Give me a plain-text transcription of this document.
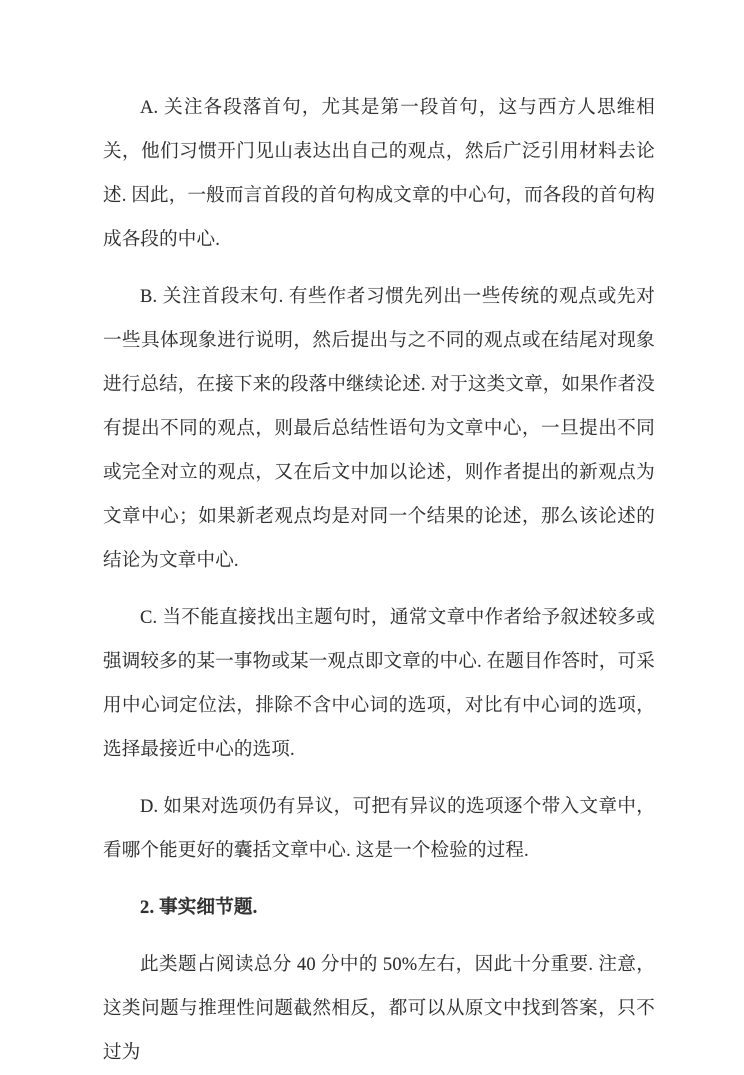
A. 关注各段落首句，尤其是第一段首句，这与西方人思维相关，他们习惯开门见山表达出自己的观点，然后广泛引用材料去论述. 因此，一般而言首段的首句构成文章的中心句，而各段的首句构成各段的中心.

B. 关注首段末句. 有些作者习惯先列出一些传统的观点或先对一些具体现象进行说明，然后提出与之不同的观点或在结尾对现象进行总结，在接下来的段落中继续论述. 对于这类文章，如果作者没有提出不同的观点，则最后总结性语句为文章中心，一旦提出不同或完全对立的观点，又在后文中加以论述，则作者提出的新观点为文章中心；如果新老观点均是对同一个结果的论述，那么该论述的结论为文章中心.

C. 当不能直接找出主题句时，通常文章中作者给予叙述较多或强调较多的某一事物或某一观点即文章的中心. 在题目作答时，可采用中心词定位法，排除不含中心词的选项，对比有中心词的选项，选择最接近中心的选项.

D. 如果对选项仍有异议，可把有异议的选项逐个带入文章中，看哪个能更好的囊括文章中心. 这是一个检验的过程.

2. 事实细节题.

此类题占阅读总分 40 分中的 50%左右，因此十分重要. 注意，这类问题与推理性问题截然相反，都可以从原文中找到答案，只不过为
